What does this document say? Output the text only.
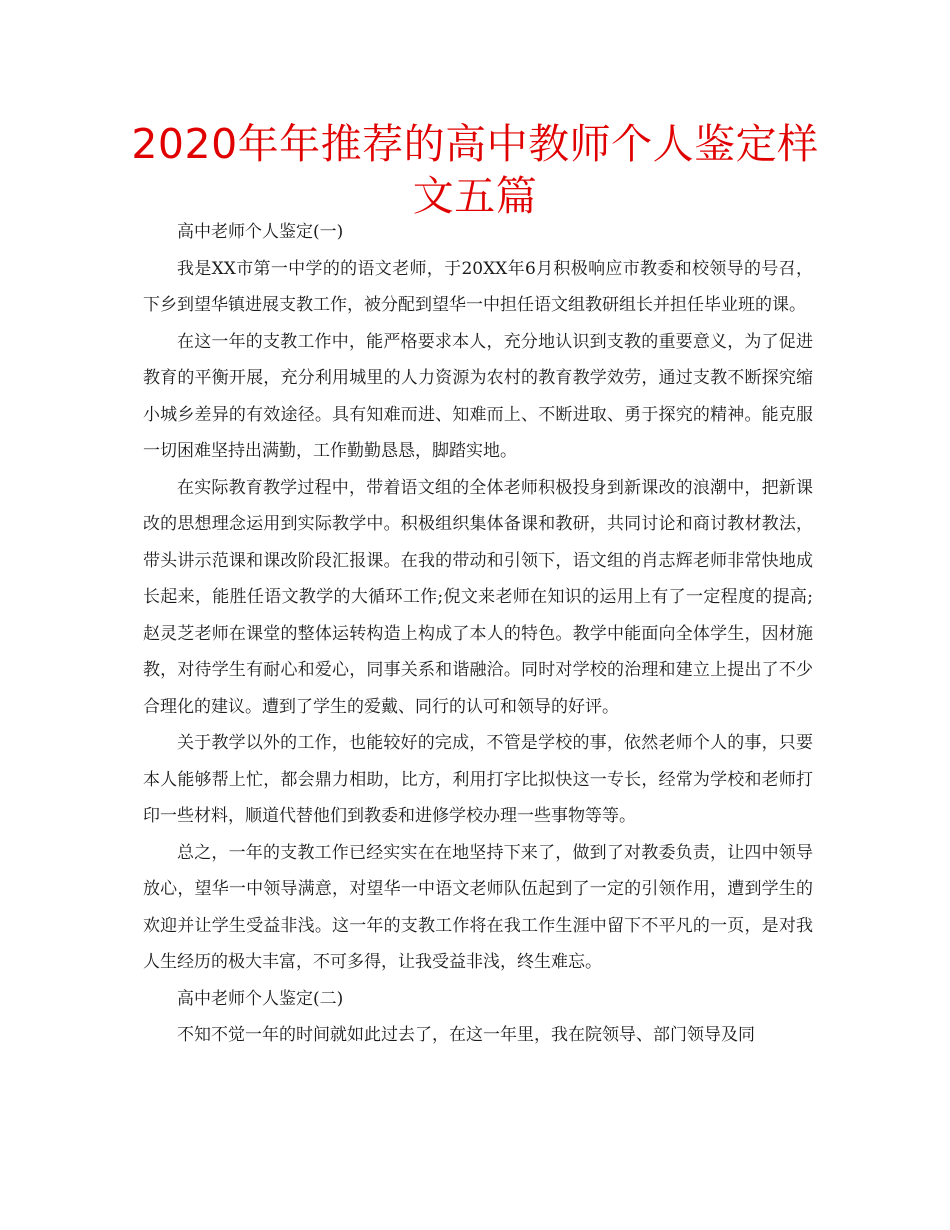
2020年年推荐的高中教师个人鉴定样文五篇

高中老师个人鉴定(一)

我是XX市第一中学的的语文老师，于20XX年6月积极响应市教委和校领导的号召，下乡到望华镇进展支教工作，被分配到望华一中担任语文组教研组长并担任毕业班的课。

在这一年的支教工作中，能严格要求本人，充分地认识到支教的重要意义，为了促进教育的平衡开展，充分利用城里的人力资源为农村的教育教学效劳，通过支教不断探究缩小城乡差异的有效途径。具有知难而进、知难而上、不断进取、勇于探究的精神。能克服一切困难坚持出满勤，工作勤勤恳恳，脚踏实地。

在实际教育教学过程中，带着语文组的全体老师积极投身到新课改的浪潮中，把新课改的思想理念运用到实际教学中。积极组织集体备课和教研，共同讨论和商讨教材教法，带头讲示范课和课改阶段汇报课。在我的带动和引领下，语文组的肖志辉老师非常快地成长起来，能胜任语文教学的大循环工作;倪文来老师在知识的运用上有了一定程度的提高;赵灵芝老师在课堂的整体运转构造上构成了本人的特色。教学中能面向全体学生，因材施教，对待学生有耐心和爱心，同事关系和谐融洽。同时对学校的治理和建立上提出了不少合理化的建议。遭到了学生的爱戴、同行的认可和领导的好评。

关于教学以外的工作，也能较好的完成，不管是学校的事，依然老师个人的事，只要本人能够帮上忙，都会鼎力相助，比方，利用打字比拟快这一专长，经常为学校和老师打印一些材料，顺道代替他们到教委和进修学校办理一些事物等等。

总之，一年的支教工作已经实实在在地坚持下来了，做到了对教委负责，让四中领导放心，望华一中领导满意，对望华一中语文老师队伍起到了一定的引领作用，遭到学生的欢迎并让学生受益非浅。这一年的支教工作将在我工作生涯中留下不平凡的一页，是对我人生经历的极大丰富，不可多得，让我受益非浅，终生难忘。

高中老师个人鉴定(二)

不知不觉一年的时间就如此过去了，在这一年里，我在院领导、部门领导及同
